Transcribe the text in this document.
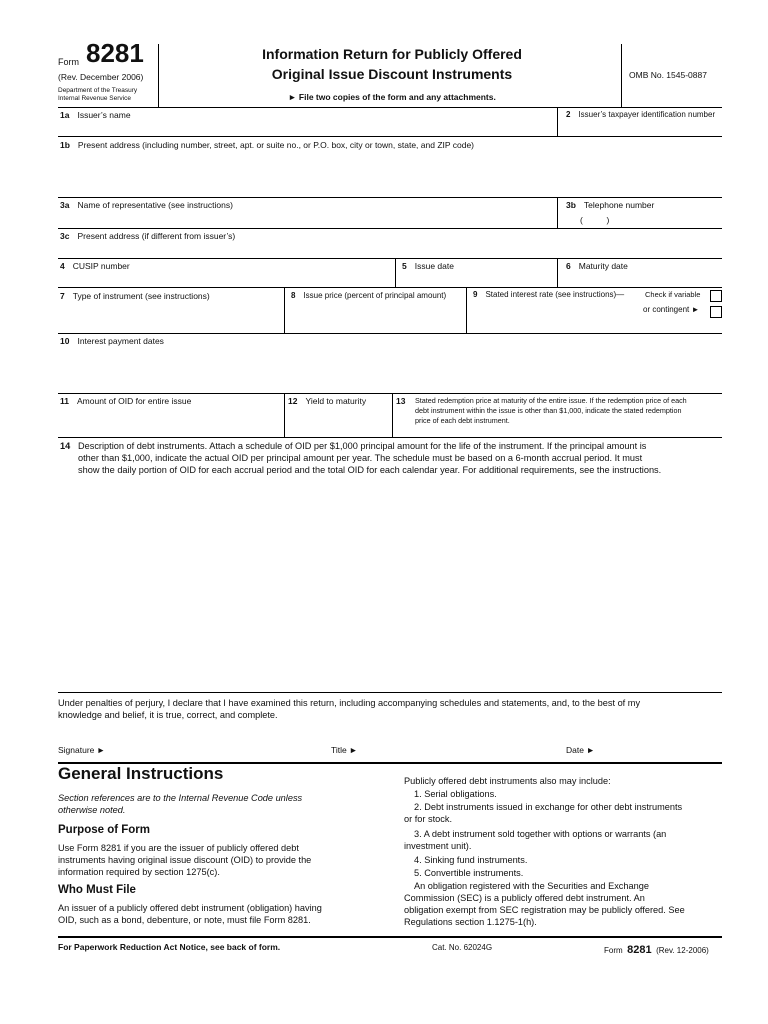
Form 8281
(Rev. December 2006)
Department of the Treasury
Internal Revenue Service
Information Return for Publicly Offered
Original Issue Discount Instruments
► File two copies of the form and any attachments.
OMB No. 1545-0887
1a Issuer’s name	2 Issuer’s taxpayer identification number
1b Present address (including number, street, apt. or suite no., or P.O. box, city or town, state, and ZIP code)
3a Name of representative (see instructions)	3b Telephone number
(          )
3c Present address (if different from issuer’s)
4 CUSIP number	5 Issue date	6 Maturity date
7 Type of instrument (see instructions)	8 Issue price (percent of principal amount)	9 Stated interest rate (see instructions)—	Check if variable
or contingent ►
10 Interest payment dates
11 Amount of OID for entire issue	12 Yield to maturity	13 Stated redemption price at maturity of the entire issue. If the redemption price of each
debt instrument within the issue is other than $1,000, indicate the stated redemption
price of each debt instrument.
14 Description of debt instruments. Attach a schedule of OID per $1,000 principal amount for the life of the instrument. If the principal amount is
other than $1,000, indicate the actual OID per principal amount per year. The schedule must be based on a 6-month accrual period. It must
show the daily portion of OID for each accrual period and the total OID for each calendar year. For additional requirements, see the instructions.
Under penalties of perjury, I declare that I have examined this return, including accompanying schedules and statements, and, to the best of my
knowledge and belief, it is true, correct, and complete.
Signature ►	Title ►	Date ►
General Instructions
Section references are to the Internal Revenue Code unless
otherwise noted.
Purpose of Form
Use Form 8281 if you are the issuer of publicly offered debt
instruments having original issue discount (OID) to provide the
information required by section 1275(c).
Who Must File
An issuer of a publicly offered debt instrument (obligation) having
OID, such as a bond, debenture, or note, must file Form 8281.
Publicly offered debt instruments also may include:
1. Serial obligations.
2. Debt instruments issued in exchange for other debt instruments
or for stock.
3. A debt instrument sold together with options or warrants (an
investment unit).
4. Sinking fund instruments.
5. Convertible instruments.
An obligation registered with the Securities and Exchange
Commission (SEC) is a publicly offered debt instrument. An
obligation exempt from SEC registration may be publicly offered. See
Regulations section 1.1275-1(h).
For Paperwork Reduction Act Notice, see back of form.	Cat. No. 62024G	Form 8281 (Rev. 12-2006)
